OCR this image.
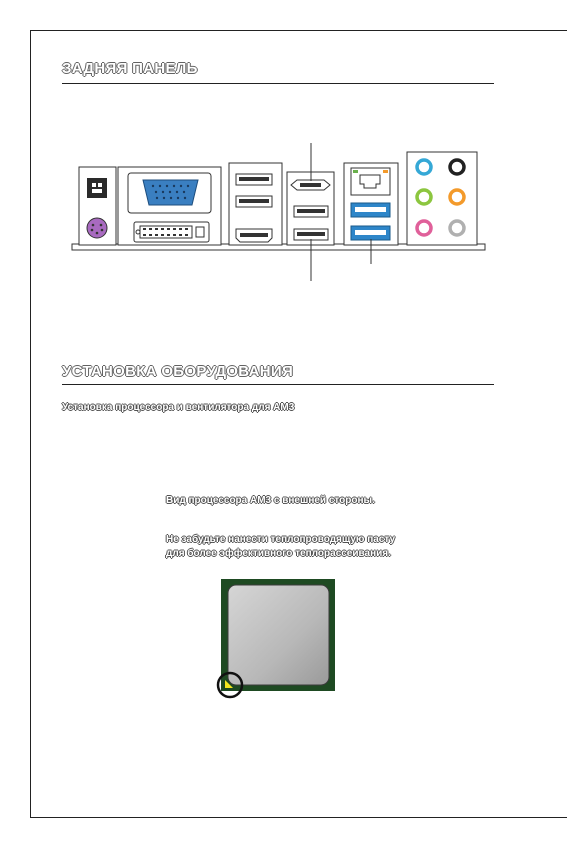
ЗАДНЯЯ ПАНЕЛЬ
УСТАНОВКА ОБОРУДОВАНИЯ

Установка процессора и вентилятора для AM3

Вид процессора AM3 с внешней стороны.

Не забудьте нанести теплопроводящую пасту для более эффективного теплорассеивания.
